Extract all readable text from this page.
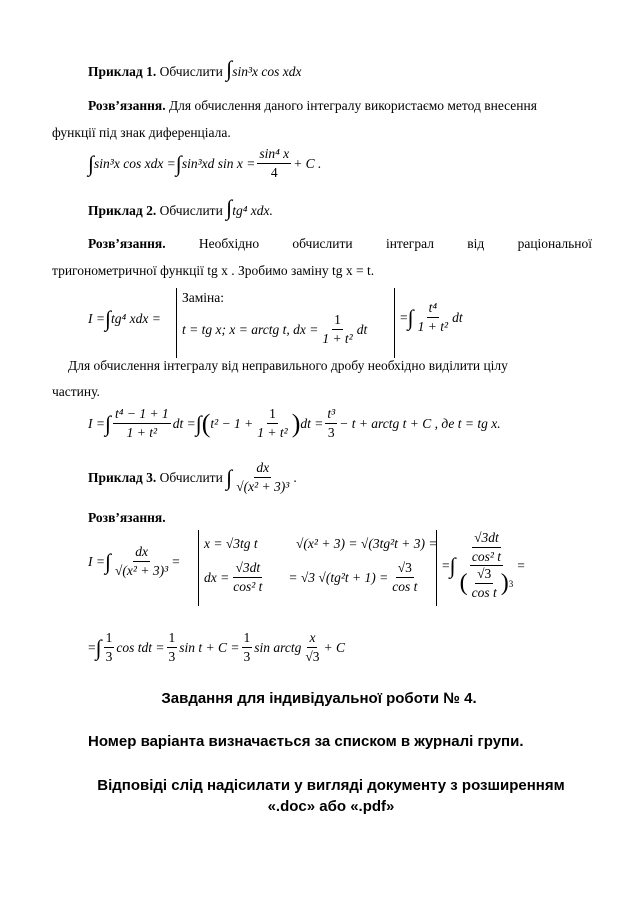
Приклад 1. Обчислити ∫sin³x cos xdx
Розв’язання. Для обчислення даного інтегралу використаємо метод внесення
функції під знак диференціала.
∫ sin³x cos xdx = ∫ sin³xd $\sin x = \frac{\text{sin⁴ x}}{4} + C$ .
Приклад 2. Обчислити ∫tg⁴ xdx.
Розв’язання. Необхідно обчислити інтеграл від раціональної
тригонометричної функції tg x . Зробимо заміну tg x = t.
I = ∫ tg⁴ xdx =
Заміна:
t = tg x; x = arctg t, dx = $\frac{1}{\text{1 + t²}}$ dt
= ∫ $\frac{\text{t⁴}}{\text{1 + t²}}$ dt
Для обчислення інтегралу від неправильного дробу необхідно виділити цілу
частину.
I = ∫ $\frac{\text{t⁴ − 1 + 1}}{\text{1 + t²}}$ dt = ∫ ( $t^2 - 1 + \frac{1}{\text{1 + t²}}$ ) dt = $\frac{\text{t³}}{3} - t$ + arctg t + C , де t = tg x.
Приклад 3.
Обчислити
∫ $\frac{dx}{\text{√(x² + 3)³}}$ .
Розв’язання.
I = ∫ $\frac{dx}{\text{√(x² + 3)³}}$ =
x = √3tg t	√(x² + 3) = √(3tg²t + 3) =
dx = $\frac{√3dt}{\text{cos² t}} = √3$ $√(tg^2t + 1) = \frac{√3}{\text{cos t}}$ = ∫
√3dt
cos² t
( $\frac{√3}{\text{cos t}}$ ) 3
=
= ∫ $\frac{1}{3}$ cos tdt = $\frac{1}{3}$ $\sin t + C = \frac{1}{3}$ sin arctg $\frac{x}{√3} + C$
Завдання для індивідуальної роботи № 4.
Номер варіанта визначається за списком в журналі групи.
Відповіді слід надісилати у вигляді документу з розширенням
«.doc» або «.pdf»
